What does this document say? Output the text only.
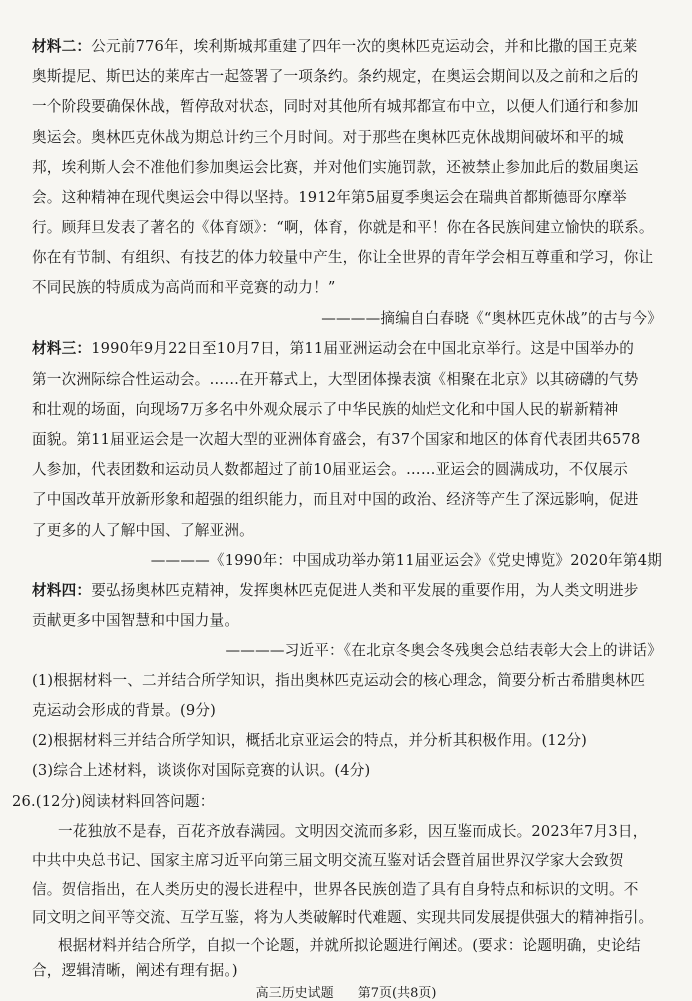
材料二：公元前776年，埃利斯城邦重建了四年一次的奥林匹克运动会，并和比撒的国王克莱
奥斯提尼、斯巴达的莱库古一起签署了一项条约。条约规定，在奥运会期间以及之前和之后的
一个阶段要确保休战，暂停敌对状态，同时对其他所有城邦都宣布中立，以便人们通行和参加
奥运会。奥林匹克休战为期总计约三个月时间。对于那些在奥林匹克休战期间破坏和平的城
邦，埃利斯人会不准他们参加奥运会比赛，并对他们实施罚款，还被禁止参加此后的数届奥运
会。这种精神在现代奥运会中得以坚持。1912年第5届夏季奥运会在瑞典首都斯德哥尔摩举
行。顾拜旦发表了著名的《体育颂》：“啊，体育，你就是和平！你在各民族间建立愉快的联系。
你在有节制、有组织、有技艺的体力较量中产生，你让全世界的青年学会相互尊重和学习，你让
不同民族的特质成为高尚而和平竞赛的动力！”
————摘编自白春晓《“奥林匹克休战”的古与今》
材料三：1990年9月22日至10月7日，第11届亚洲运动会在中国北京举行。这是中国举办的
第一次洲际综合性运动会。……在开幕式上，大型团体操表演《相聚在北京》以其磅礴的气势
和壮观的场面，向现场7万多名中外观众展示了中华民族的灿烂文化和中国人民的崭新精神
面貌。第11届亚运会是一次超大型的亚洲体育盛会，有37个国家和地区的体育代表团共6578
人参加，代表团数和运动员人数都超过了前10届亚运会。……亚运会的圆满成功，不仅展示
了中国改革开放新形象和超强的组织能力，而且对中国的政治、经济等产生了深远影响，促进
了更多的人了解中国、了解亚洲。
————《1990年：中国成功举办第11届亚运会》《党史博览》2020年第4期
材料四：要弘扬奥林匹克精神，发挥奥林匹克促进人类和平发展的重要作用，为人类文明进步
贡献更多中国智慧和中国力量。
————习近平：《在北京冬奥会冬残奥会总结表彰大会上的讲话》
(1)根据材料一、二并结合所学知识，指出奥林匹克运动会的核心理念，简要分析古希腊奥林匹
克运动会形成的背景。(9分)
(2)根据材料三并结合所学知识，概括北京亚运会的特点，并分析其积极作用。(12分)
(3)综合上述材料，谈谈你对国际竞赛的认识。(4分)
26.(12分)阅读材料回答问题：
一花独放不是春，百花齐放春满园。文明因交流而多彩，因互鉴而成长。2023年7月3日，
中共中央总书记、国家主席习近平向第三届文明交流互鉴对话会暨首届世界汉学家大会致贺
信。贺信指出，在人类历史的漫长进程中，世界各民族创造了具有自身特点和标识的文明。不
同文明之间平等交流、互学互鉴，将为人类破解时代难题、实现共同发展提供强大的精神指引。
根据材料并结合所学，自拟一个论题，并就所拟论题进行阐述。(要求：论题明确，史论结
合，逻辑清晰，阐述有理有据。)
高三历史试题 第7页(共8页)
